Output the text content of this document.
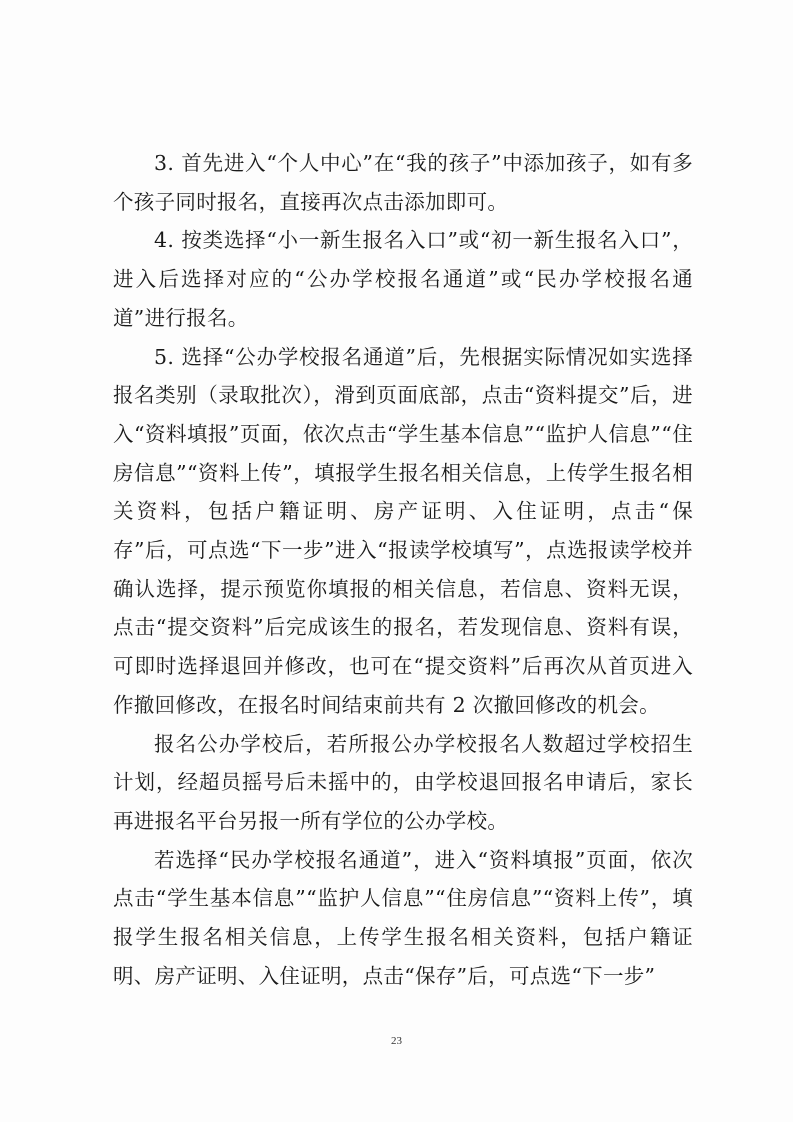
3. 首先进入“个人中心”在“我的孩子”中添加孩子，如有多个孩子同时报名，直接再次点击添加即可。

4. 按类选择“小一新生报名入口”或“初一新生报名入口”，进入后选择对应的“公办学校报名通道”或“民办学校报名通道”进行报名。

5. 选择“公办学校报名通道”后，先根据实际情况如实选择报名类别（录取批次），滑到页面底部，点击“资料提交”后，进入“资料填报”页面，依次点击“学生基本信息”“监护人信息”“住房信息”“资料上传”，填报学生报名相关信息，上传学生报名相关资料，包括户籍证明、房产证明、入住证明，点击“保存”后，可点选“下一步”进入“报读学校填写”，点选报读学校并确认选择，提示预览你填报的相关信息，若信息、资料无误，点击“提交资料”后完成该生的报名，若发现信息、资料有误，可即时选择退回并修改，也可在“提交资料”后再次从首页进入作撤回修改，在报名时间结束前共有 2 次撤回修改的机会。

报名公办学校后，若所报公办学校报名人数超过学校招生计划，经超员摇号后未摇中的，由学校退回报名申请后，家长再进报名平台另报一所有学位的公办学校。

若选择“民办学校报名通道”，进入“资料填报”页面，依次点击“学生基本信息”“监护人信息”“住房信息”“资料上传”，填报学生报名相关信息，上传学生报名相关资料，包括户籍证明、房产证明、入住证明，点击“保存”后，可点选“下一步”

23
